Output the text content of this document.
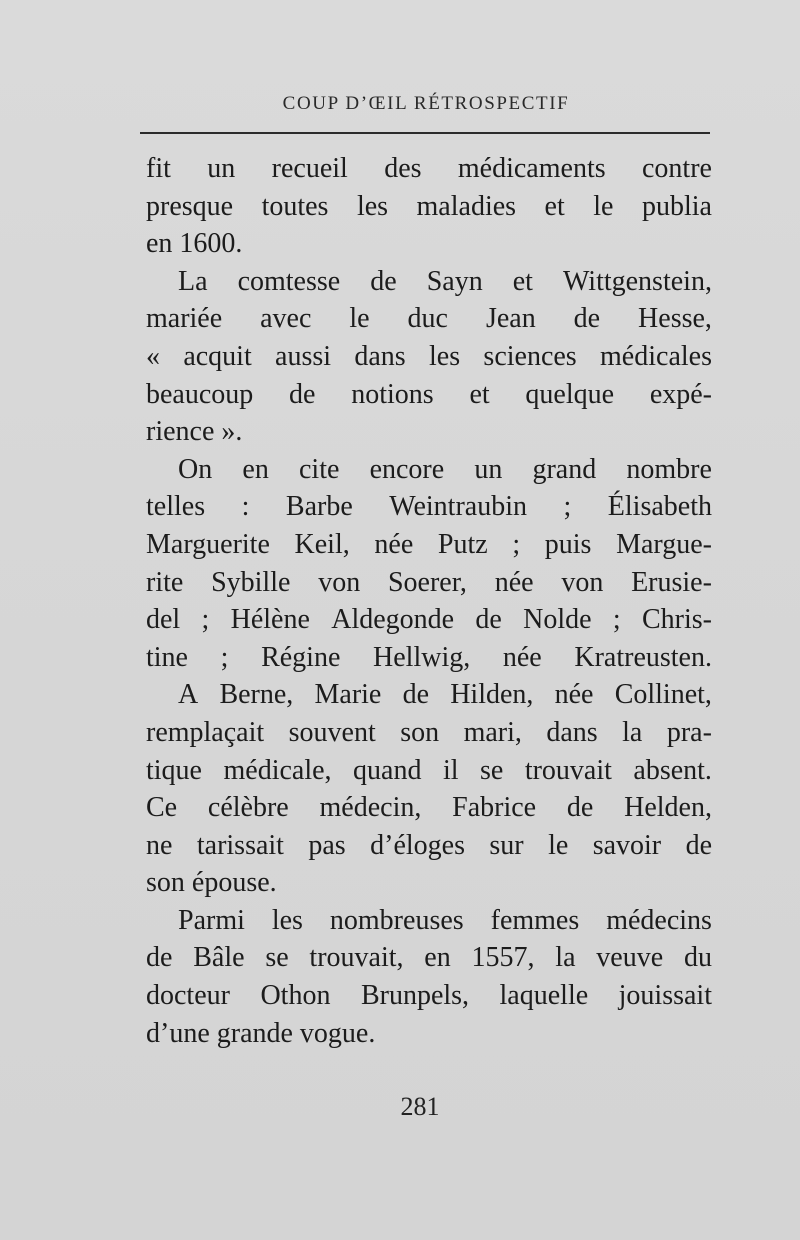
COUP D’ŒIL RÉTROSPECTIF
fit un recueil des médicaments contre
presque toutes les maladies et le publia
en 1600.
La comtesse de Sayn et Wittgenstein,
mariée avec le duc Jean de Hesse,
« acquit aussi dans les sciences médicales
beaucoup de notions et quelque expé-
rience ».
On en cite encore un grand nombre
telles : Barbe Weintraubin ; Élisabeth
Marguerite Keil, née Putz ; puis Margue-
rite Sybille von Soerer, née von Erusie-
del ; Hélène Aldegonde de Nolde ; Chris-
tine ; Régine Hellwig, née Kratreusten.
A Berne, Marie de Hilden, née Collinet,
remplaçait souvent son mari, dans la pra-
tique médicale, quand il se trouvait absent.
Ce célèbre médecin, Fabrice de Helden,
ne tarissait pas d’éloges sur le savoir de
son épouse.
Parmi les nombreuses femmes médecins
de Bâle se trouvait, en 1557, la veuve du
docteur Othon Brunpels, laquelle jouissait
d’une grande vogue.
281
